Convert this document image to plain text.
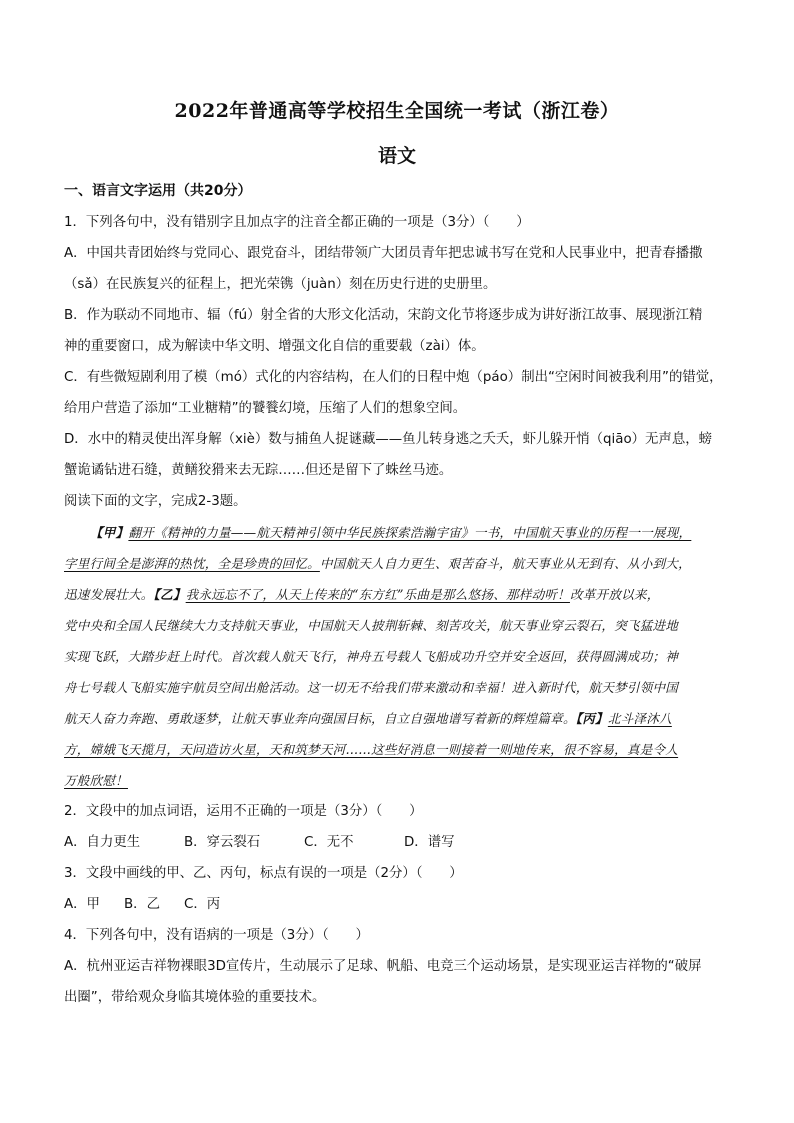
2022年普通高等学校招生全国统一考试（浙江卷）
语文
一、语言文字运用（共20分）
1．下列各句中，没有错别字且加点字的注音全都正确的一项是（3分）（　　）
A．中国共青团始终与党同心、跟党奋斗，团结带领广大团员青年把忠诚书写在党和人民事业中，把青春播撒
（sǎ）在民族复兴的征程上，把光荣镌（juàn）刻在历史行进的史册里。
B．作为联动不同地市、辐（fú）射全省的大形文化活动，宋韵文化节将逐步成为讲好浙江故事、展现浙江精
神的重要窗口，成为解读中华文明、增强文化自信的重要载（zài）体。
C．有些微短剧利用了模（mó）式化的内容结构，在人们的日程中炮（páo）制出“空闲时间被我利用”的错觉，
给用户营造了添加“工业糖精”的饕餮幻境，压缩了人们的想象空间。
D．水中的精灵使出浑身解（xiè）数与捕鱼人捉谜藏——鱼儿转身逃之夭夭，虾儿躲开悄（qiāo）无声息，螃
蟹诡谲钻进石缝，黄鳝狡猾来去无踪……但还是留下了蛛丝马迹。
阅读下面的文字，完成2-3题。
【甲】翻开《精神的力量——航天精神引领中华民族探索浩瀚宇宙》一书，中国航天事业的历程一一展现，
字里行间全是澎湃的热忱，全是珍贵的回忆。中国航天人自力更生、艰苦奋斗，航天事业从无到有、从小到大，
迅速发展壮大。【乙】我永远忘不了，从天上传来的“东方红”乐曲是那么悠扬、那样动听！改革开放以来，
党中央和全国人民继续大力支持航天事业，中国航天人披荆斩棘、刻苦攻关，航天事业穿云裂石，突飞猛进地
实现飞跃，大踏步赶上时代。首次载人航天飞行，神舟五号载人飞船成功升空并安全返回，获得圆满成功；神
舟七号载人飞船实施宇航员空间出舱活动。这一切无不给我们带来激动和幸福！进入新时代，航天梦引领中国
航天人奋力奔跑、勇敢逐梦，让航天事业奔向强国目标，自立自强地谱写着新的辉煌篇章。【丙】北斗泽沐八
方，嫦娥飞天揽月，天问造访火星，天和筑梦天河……这些好消息一则接着一则地传来，很不容易，真是令人
万般欣慰！
2．文段中的加点词语，运用不正确的一项是（3分）（　　）
A．自力更生	B．穿云裂石	C．无不	D．谱写
3．文段中画线的甲、乙、丙句，标点有误的一项是（2分）（　　）
A．甲 B．乙 C．丙
4．下列各句中，没有语病的一项是（3分）（　　）
A．杭州亚运吉祥物裸眼3D宣传片，生动展示了足球、帆船、电竞三个运动场景，是实现亚运吉祥物的“破屏
出圈”，带给观众身临其境体验的重要技术。
